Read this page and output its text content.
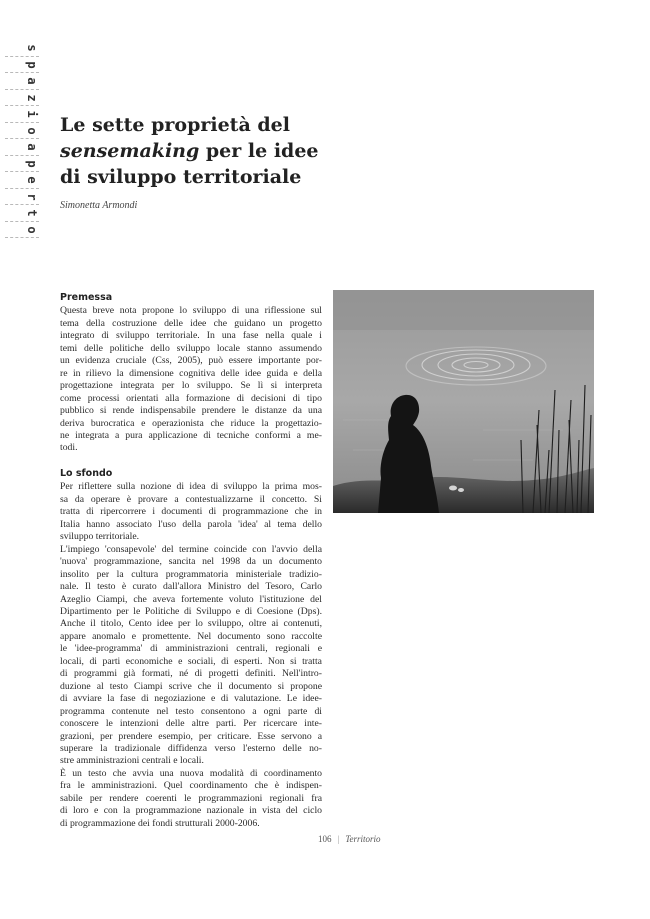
s
p
a
z
i
o
a
p
e
r
t
o
Le sette proprietà del
sensemaking per le idee
di sviluppo territoriale
Simonetta Armondi
Premessa

Questa breve nota propone lo sviluppo di una riflessione sul
tema della costruzione delle idee che guidano un progetto
integrato di sviluppo territoriale. In una fase nella quale i
temi delle politiche dello sviluppo locale stanno assumendo
un evidenza cruciale (Css, 2005), può essere importante por-
re in rilievo la dimensione cognitiva delle idee guida e della
progettazione integrata per lo sviluppo. Se lì si interpreta
come processi orientati alla formazione di decisioni di tipo
pubblico si rende indispensabile prendere le distanze da una
deriva burocratica e operazionista che riduce la progettazio-
ne integrata a pura applicazione di tecniche conformi a me-
todi.

Lo sfondo

Per riflettere sulla nozione di idea di sviluppo la prima mos-
sa da operare è provare a contestualizzarne il concetto. Si
tratta di ripercorrere i documenti di programmazione che in
Italia hanno associato l'uso della parola 'idea' al tema dello
sviluppo territoriale.
L'impiego 'consapevole' del termine coincide con l'avvio della
'nuova' programmazione, sancita nel 1998 da un documento
insolito per la cultura programmatoria ministeriale tradizio-
nale. Il testo è curato dall'allora Ministro del Tesoro, Carlo
Azeglio Ciampi, che aveva fortemente voluto l'istituzione del
Dipartimento per le Politiche di Sviluppo e di Coesione (Dps).
Anche il titolo, Cento idee per lo sviluppo, oltre ai contenuti,
appare anomalo e promettente. Nel documento sono raccolte
le 'idee-programma' di amministrazioni centrali, regionali e
locali, di parti economiche e sociali, di esperti. Non si tratta
di programmi già formati, né di progetti definiti. Nell'intro-
duzione al testo Ciampi scrive che il documento si propone
di avviare la fase di negoziazione e di valutazione. Le idee-
programma contenute nel testo consentono a ogni parte di
conoscere le intenzioni delle altre parti. Per ricercare inte-
grazioni, per prendere esempio, per criticare. Esse servono a
superare la tradizionale diffidenza verso l'esterno delle no-
stre amministrazioni centrali e locali.
È un testo che avvia una nuova modalità di coordinamento
fra le amministrazioni. Quel coordinamento che è indispen-
sabile per rendere coerenti le programmazioni regionali fra
di loro e con la programmazione nazionale in vista del ciclo
di programmazione dei fondi strutturali 2000-2006.

106 | Territorio
